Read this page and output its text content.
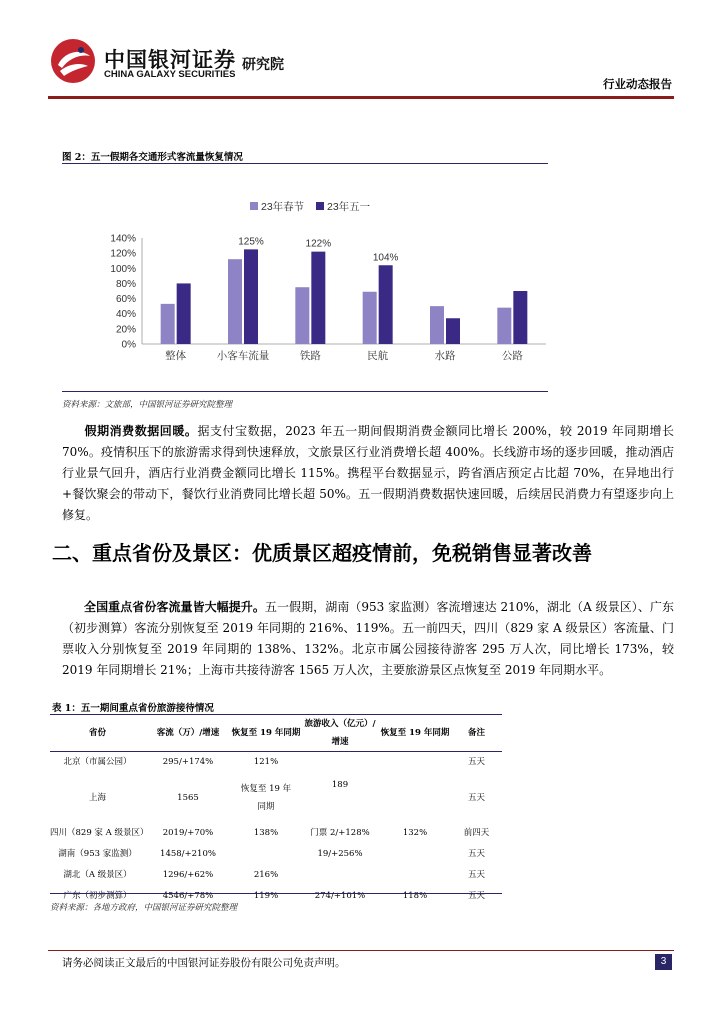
中国银河证券
CHINA GALAXY SECURITIES
研究院
行业动态报告
图 2：五一假期各交通形式客流量恢复情况
23年春节 23年五一
0%
20%
40%
60%
80%
100%
120%
140%
整体
125%
小客车流量
122%
铁路
104%
民航	水路	公路
资料来源：文旅部，中国银河证券研究院整理
假期消费数据回暖。据支付宝数据，2023 年五一期间假期消费金额同比增长 200%，较 2019 年同期增长 70%。疫情积压下的旅游需求得到快速释放，文旅景区行业消费增长超 400%。长线游市场的逐步回暖，推动酒店行业景气回升，酒店行业消费金额同比增长 115%。携程平台数据显示，跨省酒店预定占比超 70%，在异地出行+餐饮聚会的带动下，餐饮行业消费同比增长超 50%。五一假期消费数据快速回暖，后续居民消费力有望逐步向上修复。
二、重点省份及景区：优质景区超疫情前，免税销售显著改善
全国重点省份客流量皆大幅提升。五一假期，湖南（953 家监测）客流增速达 210%，湖北（A 级景区）、广东（初步测算）客流分别恢复至 2019 年同期的 216%、119%。五一前四天，四川（829 家 A 级景区）客流量、门票收入分别恢复至 2019 年同期的 138%、132%。北京市属公园接待游客 295 万人次，同比增长 173%，较 2019 年同期增长 21%；上海市共接待游客 1565 万人次，主要旅游景区点恢复至 2019 年同期水平。
表 1：五一期间重点省份旅游接待情况
省份	客流（万）/增速	恢复至 19 年同期	旅游收入（亿元）/增速	恢复至 19 年同期	备注
北京（市属公园）	295/+174%	121%			五天
上海	1565	恢复至 19 年同期	189		五天
四川（829 家 A 级景区）	2019/+70%	138%	门票 2/+128%	132%	前四天
湖南（953 家监测）	1458/+210%		19/+256%		五天
湖北（A 级景区）	1296/+62%	216%			五天
广东（初步测算）	4546/+78%	119%	274/+101%	118%	五天
资料来源：各地方政府，中国银河证券研究院整理
请务必阅读正文最后的中国银河证券股份有限公司免责声明。	3
